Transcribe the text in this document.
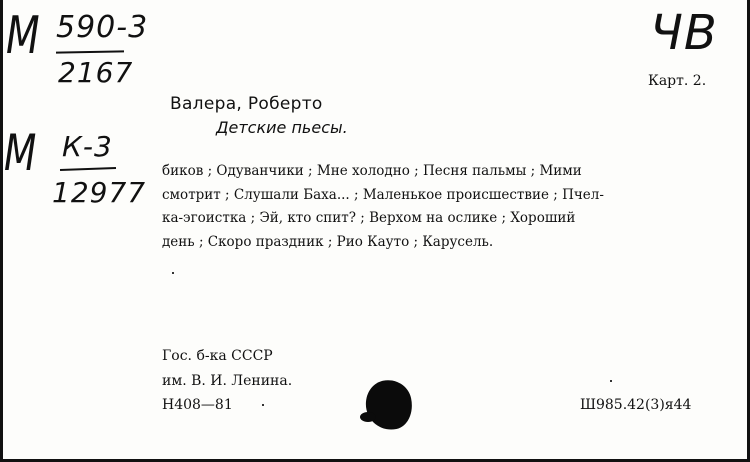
М 590-3
2167
М К-3
12977
ЧВ
Карт. 2.
Валера, Роберто
Детские пьесы.
биков ; Одуванчики ; Мне холодно ; Песня пальмы ; Мими
смотрит ; Слушали Баха... ; Маленькое происшествие ; Пчел-
ка-эгоистка ; Эй, кто спит? ; Верхом на ослике ; Хороший
день ; Скоро праздник ; Рио Кауто ; Карусель.
Гос. б-ка СССР
им. В. И. Ленина.
Н408—81	Ш985.42(3)я44
